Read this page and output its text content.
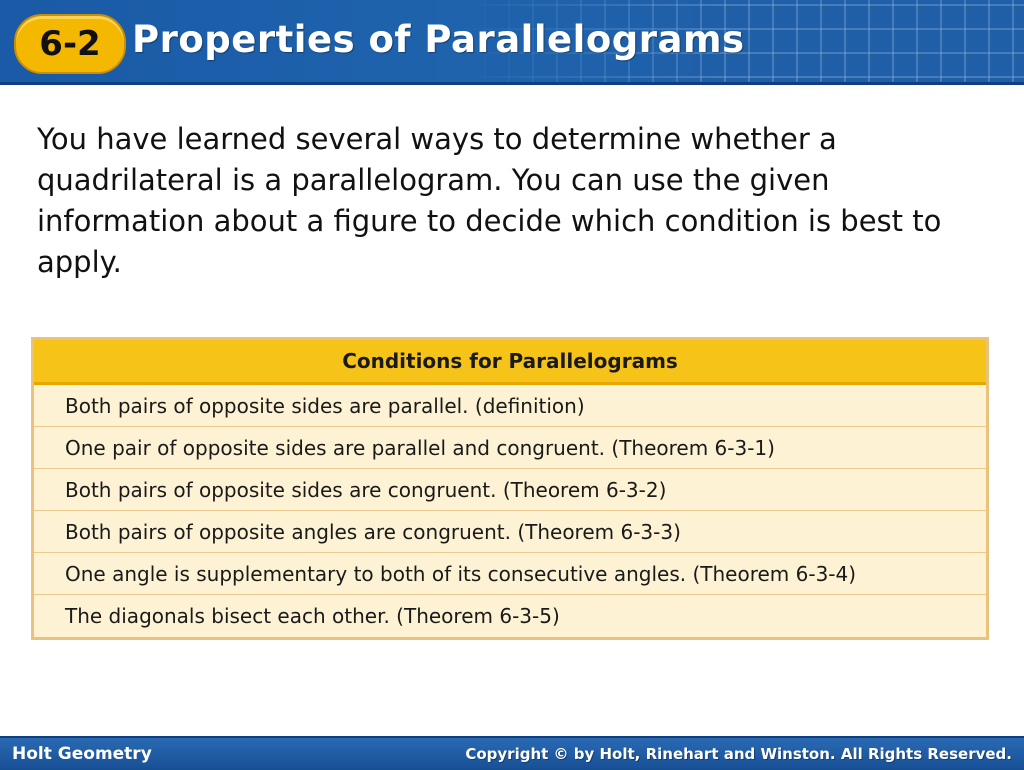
6-2 Properties of Parallelograms

You have learned several ways to determine whether a quadrilateral is a parallelogram. You can use the given information about a figure to decide which condition is best to apply.

Conditions for Parallelograms
Both pairs of opposite sides are parallel. (definition)
One pair of opposite sides are parallel and congruent. (Theorem 6-3-1)
Both pairs of opposite sides are congruent. (Theorem 6-3-2)
Both pairs of opposite angles are congruent. (Theorem 6-3-3)
One angle is supplementary to both of its consecutive angles. (Theorem 6-3-4)
The diagonals bisect each other. (Theorem 6-3-5)
Holt Geometry	Copyright © by Holt, Rinehart and Winston. All Rights Reserved.
